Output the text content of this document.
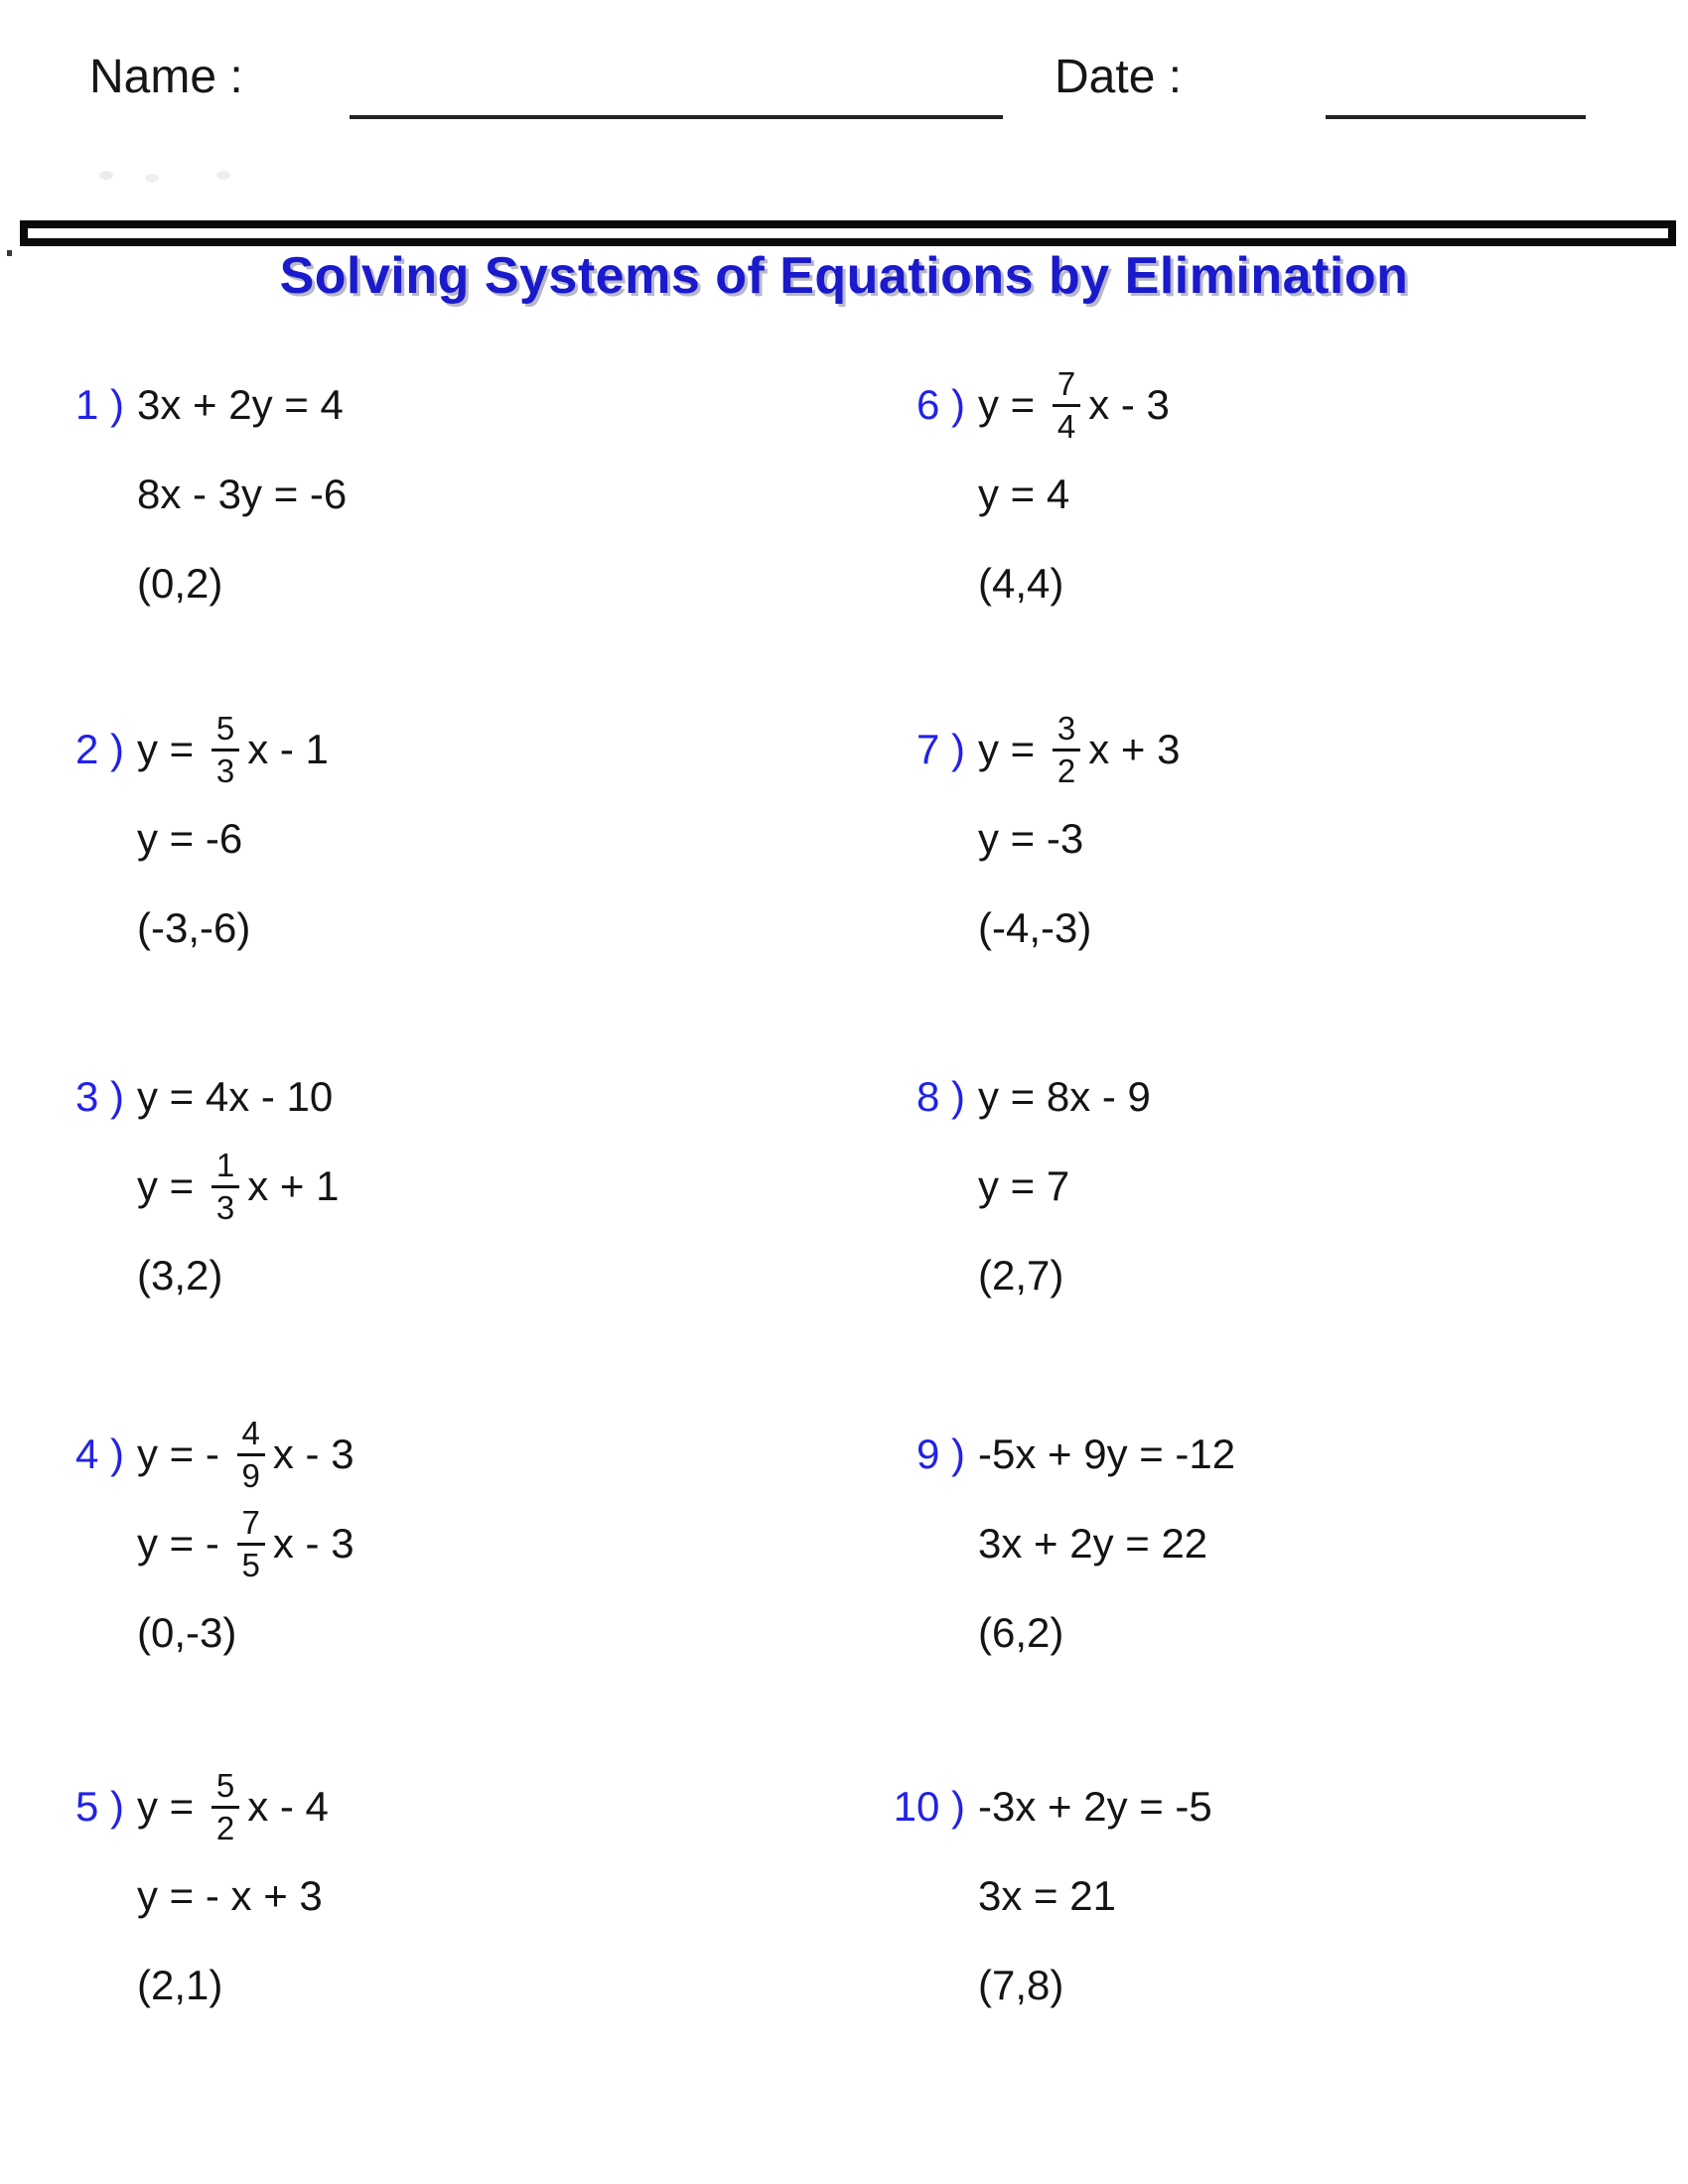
Name :	Date :
Solving Systems of Equations by Elimination
1 ) 3x + 2y = 4
8x - 3y = -6
(0,2)
2 ) $y = \frac{5}{3}$ x - 1
y = -6
(-3,-6)
3 ) y = 4x - 10
$y = \frac{1}{3}$ x + 1
(3,2)
4 ) y = - $\frac{4}{9}$ x - 3
y = - $\frac{7}{5}$ x - 3
(0,-3)
5 ) $y = \frac{5}{2}$ x - 4
y = - x + 3
(2,1)
6 ) $y = \frac{7}{4}$ x - 3
y = 4
(4,4)
7 ) $y = \frac{3}{2}$ x + 3
y = -3
(-4,-3)
8 ) y = 8x - 9
y = 7
(2,7)
9 ) -5x + 9y = -12
3x + 2y = 22
(6,2)
10 ) -3x + 2y = -5
3x = 21
(7,8)
